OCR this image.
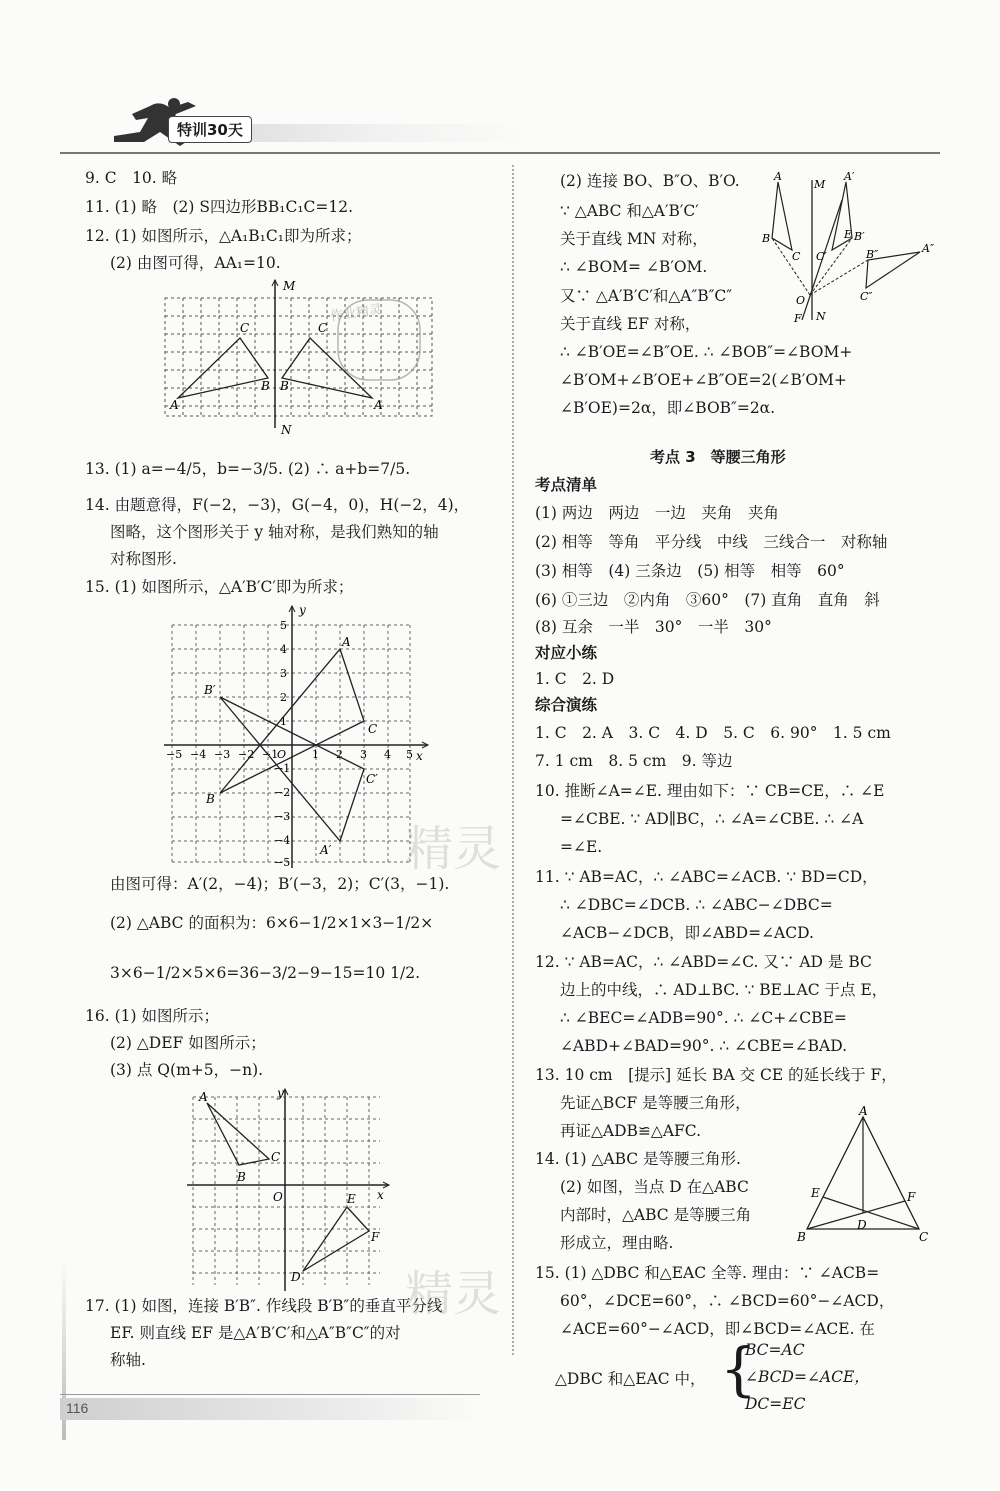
特训30天
9. C　10. 略
11. (1) 略　(2) S四边形BB₁C₁C=12.
12. (1) 如图所示，△A₁B₁C₁即为所求；
(2) 由图可得，AA₁=10.
M
N
A
C
B B
C
A
13. (1) a=−4/5，b=−3/5. (2) ∴ a+b=7/5.
14. 由题意得，F(−2，−3)，G(−4，0)，H(−2，4)，
图略，这个图形关于 y 轴对称，是我们熟知的轴
对称图形.
15. (1) 如图所示，△A′B′C′即为所求；
y
x
−5 −4 −3 −2 −1
O 1 2 3 4 5
5
4
3
2
1
−1
−2
−3
−4
−5
A
C
B
B′
C′
A′
由图可得：A′(2，−4)；B′(−3，2)；C′(3，−1).
(2) △ABC 的面积为：6×6−1/2×1×3−1/2×
3×6−1/2×5×6=36−3/2−9−15=10 1/2.
16. (1) 如图所示；
(2) △DEF 如图所示；
(3) 点 Q(m+5，−n).
y
x
O
A
C
B
E
F
D
17. (1) 如图，连接 B′B″. 作线段 B′B″的垂直平分线
EF. 则直线 EF 是△A′B′C′和△A″B″C″的对
称轴.
(2) 连接 BO、B″O、B′O.
∵ △ABC 和△A′B′C′
关于直线 MN 对称，
∴ ∠BOM= ∠B′OM.
又∵ △A′B′C′和△A″B″C″
关于直线 EF 对称，
∴ ∠B′OE=∠B″OE. ∴ ∠BOB″=∠BOM+
∠B′OM+∠B′OE+∠B″OE=2(∠B′OM+
∠B′OE)=2α，即∠BOB″=2α.
M
N
E
F
A	A′
B	B′
B″	A″
C C′
C″
O
考点 3　等腰三角形
考点清单
(1) 两边　两边　一边　夹角　夹角
(2) 相等　等角　平分线　中线　三线合一　对称轴
(3) 相等　(4) 三条边　(5) 相等　相等　60°
(6) ①三边　②内角　③60°　(7) 直角　直角　斜
(8) 互余　一半　30°　一半　30°
对应小练
1. C　2. D
综合演练
1. C　2. A　3. C　4. D　5. C　6. 90°　1. 5 cm
7. 1 cm　8. 5 cm　9. 等边
10. 推断∠A=∠E. 理由如下：∵ CB=CE，∴ ∠E
=∠CBE. ∵ AD∥BC，∴ ∠A=∠CBE. ∴ ∠A
=∠E.
11. ∵ AB=AC，∴ ∠ABC=∠ACB. ∵ BD=CD，
∴ ∠DBC=∠DCB. ∴ ∠ABC−∠DBC=
∠ACB−∠DCB，即∠ABD=∠ACD.
12. ∵ AB=AC，∴ ∠ABD=∠C. 又∵ AD 是 BC
边上的中线，∴ AD⊥BC. ∵ BE⊥AC 于点 E，
∴ ∠BEC=∠ADB=90°. ∴ ∠C+∠CBE=
∠ABD+∠BAD=90°. ∴ ∠CBE=∠BAD.
13. 10 cm　[提示] 延长 BA 交 CE 的延长线于 F，
先证△BCF 是等腰三角形，
再证△ADB≌△AFC.
14. (1) △ABC 是等腰三角形.
(2) 如图，当点 D 在△ABC
内部时，△ABC 是等腰三角
形成立，理由略.
A
B	C
E	F
D
15. (1) △DBC 和△EAC 全等. 理由：∵ ∠ACB=
60°，∠DCE=60°，∴ ∠BCD=60°−∠ACD，
∠ACE=60°−∠ACD，即∠BCD=∠ACE. 在
△DBC 和△EAC 中， {
BC=AC
∠BCD=∠ACE，
DC=EC
精灵
精灵
作业精灵
116
